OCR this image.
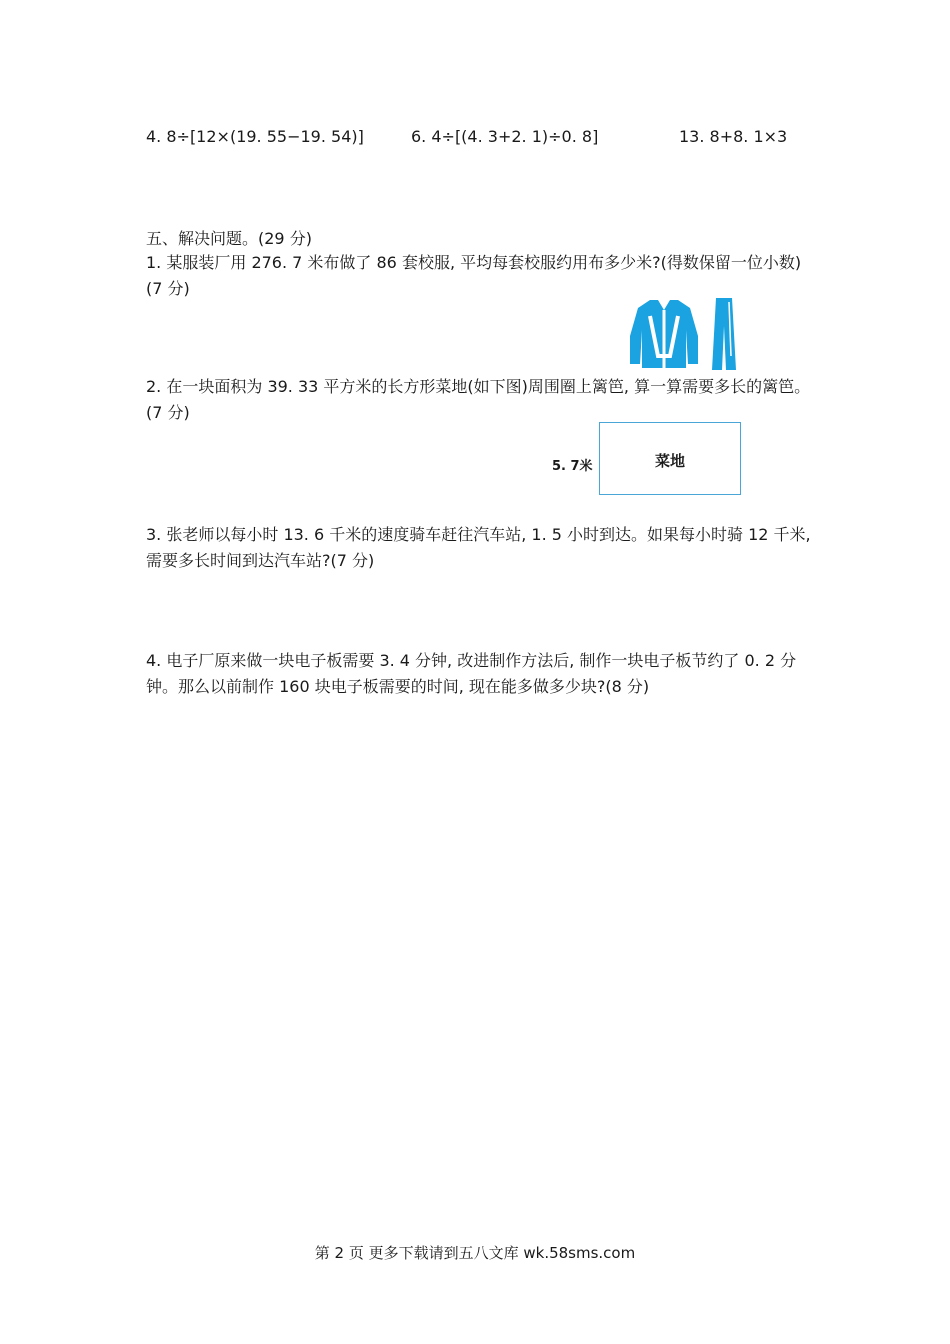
4. 8÷[12×(19. 55−19. 54)]	6. 4÷[(4. 3+2. 1)÷0. 8]	13. 8+8. 1×3
五、解决问题。(29 分)
1. 某服装厂用 276. 7 米布做了 86 套校服, 平均每套校服约用布多少米?(得数保留一位小数) (7 分)
2. 在一块面积为 39. 33 平方米的长方形菜地(如下图)周围圈上篱笆, 算一算需要多长的篱笆。(7 分)
5. 7米	菜地
3. 张老师以每小时 13. 6 千米的速度骑车赶往汽车站, 1. 5 小时到达。如果每小时骑 12 千米, 需要多长时间到达汽车站?(7 分)
4. 电子厂原来做一块电子板需要 3. 4 分钟, 改进制作方法后, 制作一块电子板节约了 0. 2 分钟。那么以前制作 160 块电子板需要的时间, 现在能多做多少块?(8 分)
第 2 页 更多下载请到五八文库 wk.58sms.com
